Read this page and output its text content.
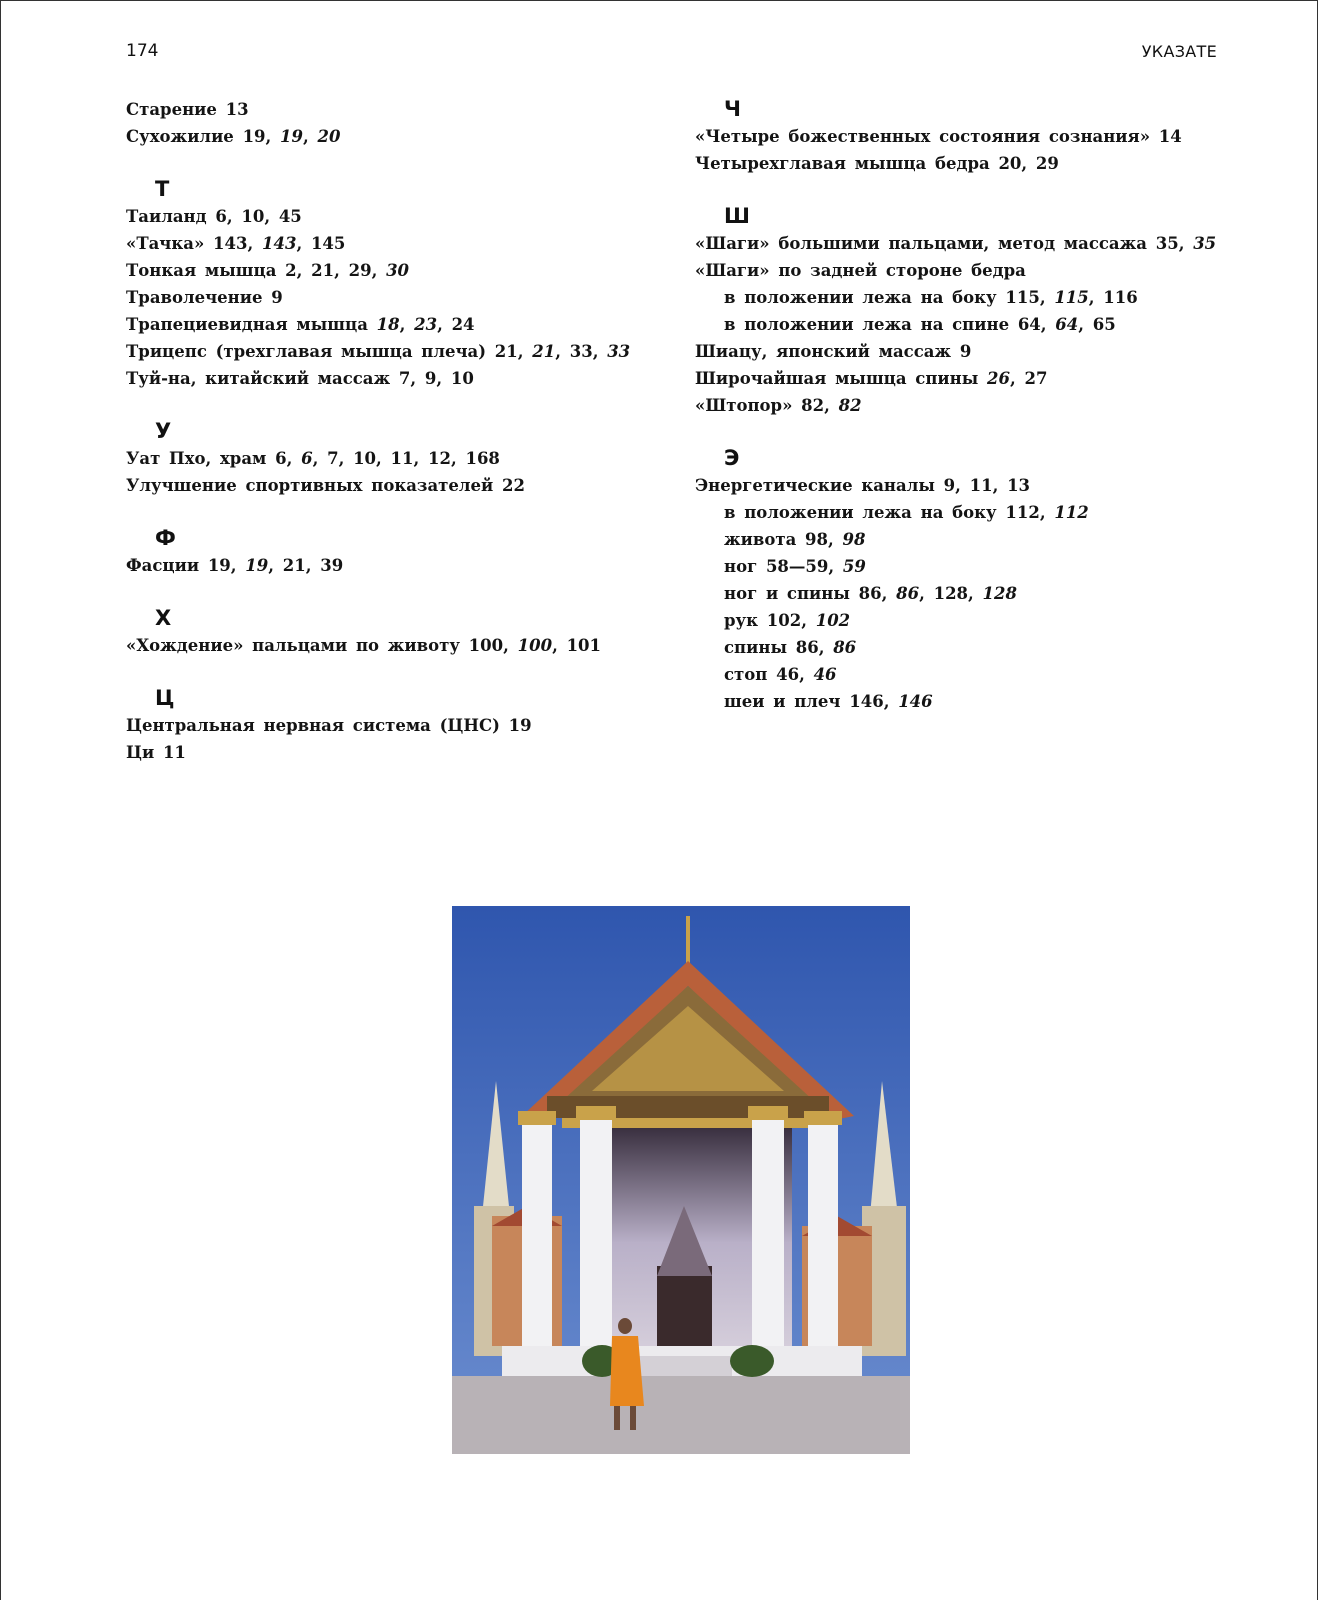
174	УКАЗАТЕ
Старение 13
Сухожилие 19, 19, 20
Т
Таиланд 6, 10, 45
«Тачка» 143, 143, 145
Тонкая мышца 2, 21, 29, 30
Траволечение 9
Трапециевидная мышца 18, 23, 24
Трицепс (трехглавая мышца плеча) 21, 21, 33, 33
Туй-на, китайский массаж 7, 9, 10
У
Уат Пхо, храм 6, 6, 7, 10, 11, 12, 168
Улучшение спортивных показателей 22
Ф
Фасции 19, 19, 21, 39
Х
«Хождение» пальцами по животу 100, 100, 101
Ц
Центральная нервная система (ЦНС) 19
Ци 11
Ч
«Четыре божественных состояния сознания» 14
Четырехглавая мышца бедра 20, 29
Ш
«Шаги» большими пальцами, метод массажа 35, 35
«Шаги» по задней стороне бедра
в положении лежа на боку 115, 115, 116
в положении лежа на спине 64, 64, 65
Шиацу, японский массаж 9
Широчайшая мышца спины 26, 27
«Штопор» 82, 82
Э
Энергетические каналы 9, 11, 13
в положении лежа на боку 112, 112
живота 98, 98
ног 58—59, 59
ног и спины 86, 86, 128, 128
рук 102, 102
спины 86, 86
стоп 46, 46
шеи и плеч 146, 146
